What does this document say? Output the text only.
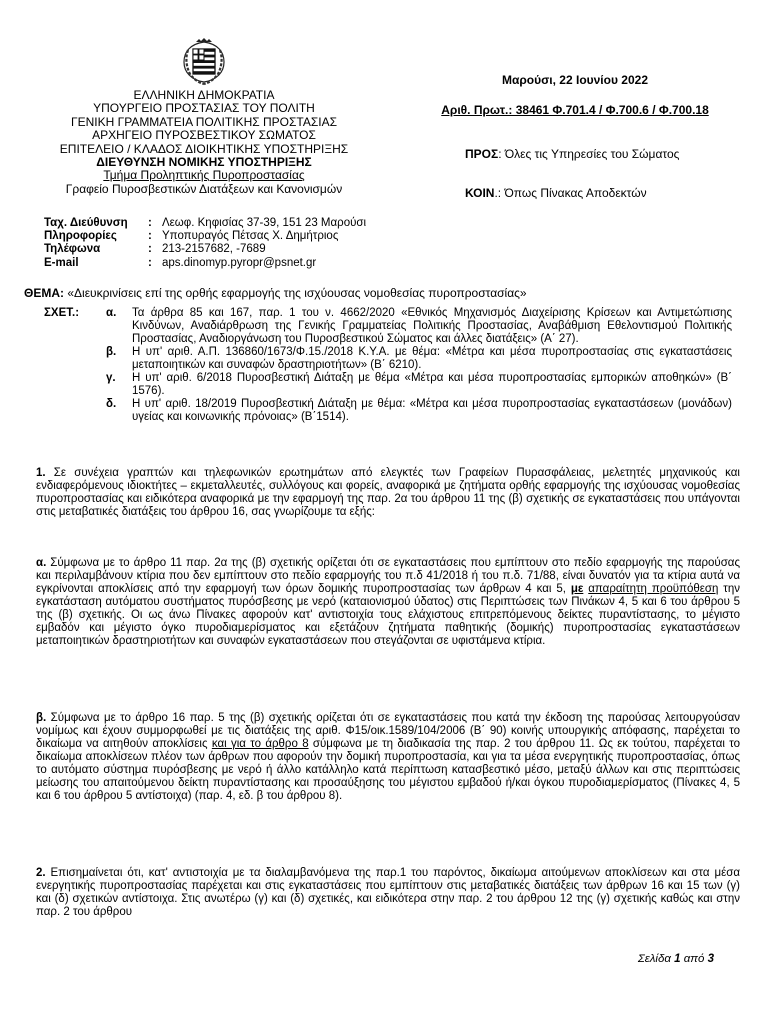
ΕΛΛΗΝΙΚΗ ΔΗΜΟΚΡΑΤΙΑ
ΥΠΟΥΡΓΕΙΟ ΠΡΟΣΤΑΣΙΑΣ ΤΟΥ ΠΟΛΙΤΗ
ΓΕΝΙΚΗ ΓΡΑΜΜΑΤΕΙΑ ΠΟΛΙΤΙΚΗΣ ΠΡΟΣΤΑΣΙΑΣ
ΑΡΧΗΓΕΙΟ ΠΥΡΟΣΒΕΣΤΙΚΟΥ ΣΩΜΑΤΟΣ
ΕΠΙΤΕΛΕΙΟ / ΚΛΑΔΟΣ ΔΙΟΙΚΗΤΙΚΗΣ ΥΠΟΣΤΗΡΙΞΗΣ
ΔΙΕΥΘΥΝΣΗ ΝΟΜΙΚΗΣ ΥΠΟΣΤΗΡΙΞΗΣ
Τμήμα Προληπτικής Πυροπροστασίας
Γραφείο Πυροσβεστικών Διατάξεων και Κανονισμών
Μαρούσι, 22 Ιουνίου 2022
Αριθ. Πρωτ.: 38461 Φ.701.4 / Φ.700.6 / Φ.700.18
ΠΡΟΣ: Όλες τις Υπηρεσίες του Σώματος
ΚΟΙΝ.: Όπως Πίνακας Αποδεκτών
Ταχ. Διεύθυνση	: Λεωφ. Κηφισίας 37-39, 151 23 Μαρούσι
Πληροφορίες	: Υποπυραγός Πέτσας Χ. Δημήτριος
Τηλέφωνα	: 213-2157682, -7689
E-mail	: aps.dinomyp.pyropr@psnet.gr
ΘΕΜΑ: «Διευκρινίσεις επί της ορθής εφαρμογής της ισχύουσας νομοθεσίας πυροπροστασίας»
ΣΧΕΤ.:	α.	Τα άρθρα 85 και 167, παρ. 1 του ν. 4662/2020 «Εθνικός Μηχανισμός Διαχείρισης Κρίσεων και Αντιμετώπισης Κινδύνων, Αναδιάρθρωση της Γενικής Γραμματείας Πολιτικής Προστασίας, Αναβάθμιση Εθελοντισμού Πολιτικής Προστασίας, Αναδιοργάνωση του Πυροσβεστικού Σώματος και άλλες διατάξεις» (Α΄ 27).
β.	Η υπ' αριθ. Α.Π. 136860/1673/Φ.15./2018 Κ.Υ.Α. με θέμα: «Μέτρα και μέσα πυροπροστασίας στις εγκαταστάσεις μεταποιητικών και συναφών δραστηριοτήτων» (Β΄ 6210).
γ.	Η υπ' αριθ. 6/2018 Πυροσβεστική Διάταξη με θέμα «Μέτρα και μέσα πυροπροστασίας εμπορικών αποθηκών» (Β΄ 1576).
δ.	Η υπ' αριθ. 18/2019 Πυροσβεστική Διάταξη με θέμα: «Μέτρα και μέσα πυροπροστασίας εγκαταστάσεων (μονάδων) υγείας και κοινωνικής πρόνοιας» (Β΄1514).
1. Σε συνέχεια γραπτών και τηλεφωνικών ερωτημάτων από ελεγκτές των Γραφείων Πυρασφάλειας, μελετητές μηχανικούς και ενδιαφερόμενους ιδιοκτήτες – εκμεταλλευτές, συλλόγους και φορείς, αναφορικά με ζητήματα ορθής εφαρμογής της ισχύουσας νομοθεσίας πυροπροστασίας και ειδικότερα αναφορικά με την εφαρμογή της παρ. 2α του άρθρου 11 της (β) σχετικής σε εγκαταστάσεις που υπάγονται στις μεταβατικές διατάξεις του άρθρου 16, σας γνωρίζουμε τα εξής:
α. Σύμφωνα με το άρθρο 11 παρ. 2α της (β) σχετικής ορίζεται ότι σε εγκαταστάσεις που εμπίπτουν στο πεδίο εφαρμογής της παρούσας και περιλαμβάνουν κτίρια που δεν εμπίπτουν στο πεδίο εφαρμογής του π.δ 41/2018 ή του π.δ. 71/88, είναι δυνατόν για τα κτίρια αυτά να εγκρίνονται αποκλίσεις από την εφαρμογή των όρων δομικής πυροπροστασίας των άρθρων 4 και 5, με απαραίτητη προϋπόθεση την εγκατάσταση αυτόματου συστήματος πυρόσβεσης με νερό (καταιονισμού ύδατος) στις Περιπτώσεις των Πινάκων 4, 5 και 6 του άρθρου 5 της (β) σχετικής. Οι ως άνω Πίνακες αφορούν κατ' αντιστοιχία τους ελάχιστους επιτρεπόμενους δείκτες πυραντίστασης, το μέγιστο εμβαδόν και μέγιστο όγκο πυροδιαμερίσματος και εξετάζουν ζητήματα παθητικής (δομικής) πυροπροστασίας εγκαταστάσεων μεταποιητικών δραστηριοτήτων και συναφών εγκαταστάσεων που στεγάζονται σε υφιστάμενα κτίρια.
β. Σύμφωνα με το άρθρο 16 παρ. 5 της (β) σχετικής ορίζεται ότι σε εγκαταστάσεις που κατά την έκδοση της παρούσας λειτουργούσαν νομίμως και έχουν συμμορφωθεί με τις διατάξεις της αριθ. Φ15/οικ.1589/104/2006 (Β΄ 90) κοινής υπουργικής απόφασης, παρέχεται το δικαίωμα να αιτηθούν αποκλίσεις και για το άρθρο 8 σύμφωνα με τη διαδικασία της παρ. 2 του άρθρου 11. Ως εκ τούτου, παρέχεται το δικαίωμα αποκλίσεων πλέον των άρθρων που αφορούν την δομική πυροπροστασία, και για τα μέσα ενεργητικής πυροπροστασίας, όπως το αυτόματο σύστημα πυρόσβεσης με νερό ή άλλο κατάλληλο κατά περίπτωση κατασβεστικό μέσο, μεταξύ άλλων και στις περιπτώσεις μείωσης του απαιτούμενου δείκτη πυραντίστασης και προσαύξησης του μέγιστου εμβαδού ή/και όγκου πυροδιαμερίσματος (Πίνακες 4, 5 και 6 του άρθρου 5 αντίστοιχα) (παρ. 4, εδ. β του άρθρου 8).
2. Επισημαίνεται ότι, κατ' αντιστοιχία με τα διαλαμβανόμενα της παρ.1 του παρόντος, δικαίωμα αιτούμενων αποκλίσεων και στα μέσα ενεργητικής πυροπροστασίας παρέχεται και στις εγκαταστάσεις που εμπίπτουν στις μεταβατικές διατάξεις των άρθρων 16 και 15 των (γ) και (δ) σχετικών αντίστοιχα. Στις ανωτέρω (γ) και (δ) σχετικές, και ειδικότερα στην παρ. 2 του άρθρου 12 της (γ) σχετικής καθώς και στην παρ. 2 του άρθρου
Σελίδα 1 από 3
